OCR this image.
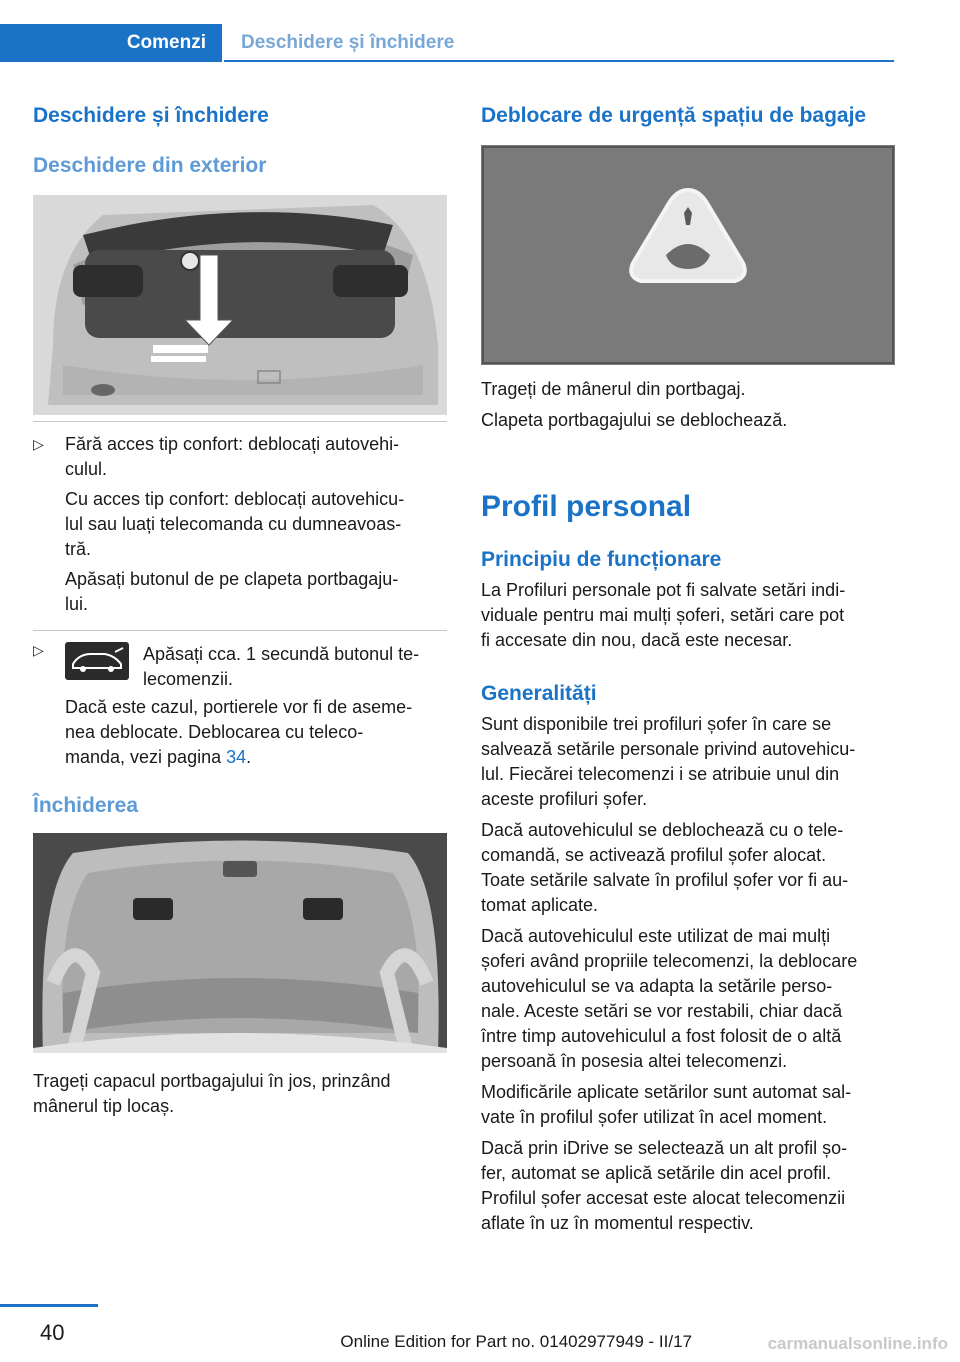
Comenzi	Deschidere și închidere
Deschidere și închidere
Deschidere din exterior
▷ Fără acces tip confort: deblocați autovehi-
culul.
Cu acces tip confort: deblocați autovehicu-
lul sau luați telecomanda cu dumneavoas-
tră.
Apăsați butonul de pe clapeta portbagaju-
lui.
▷	Apăsați cca. 1 secundă butonul te-
lecomenzii.
Dacă este cazul, portierele vor fi de aseme-
nea deblocate. Deblocarea cu teleco-
manda, vezi pagina 34.
Închiderea
Trageți capacul portbagajului în jos, prinzând
mânerul tip locaș.
Deblocare de urgență spațiu de bagaje
Trageți de mânerul din portbagaj.
Clapeta portbagajului se deblochează.
Profil personal
Principiu de funcționare
La Profiluri personale pot fi salvate setări indi-
viduale pentru mai mulți șoferi, setări care pot
fi accesate din nou, dacă este necesar.
Generalități
Sunt disponibile trei profiluri șofer în care se
salvează setările personale privind autovehicu-
lul. Fiecărei telecomenzi i se atribuie unul din
aceste profiluri șofer.
Dacă autovehiculul se deblochează cu o tele-
comandă, se activează profilul șofer alocat.
Toate setările salvate în profilul șofer vor fi au-
tomat aplicate.
Dacă autovehiculul este utilizat de mai mulți
șoferi având propriile telecomenzi, la deblocare
autovehiculul se va adapta la setările perso-
nale. Aceste setări se vor restabili, chiar dacă
între timp autovehiculul a fost folosit de o altă
persoană în posesia altei telecomenzi.
Modificările aplicate setărilor sunt automat sal-
vate în profilul șofer utilizat în acel moment.
Dacă prin iDrive se selectează un alt profil șo-
fer, automat se aplică setările din acel profil.
Profilul șofer accesat este alocat telecomenzii
aflate în uz în momentul respectiv.
40	Online Edition for Part no. 01402977949 - II/17	carmanualsonline.info
